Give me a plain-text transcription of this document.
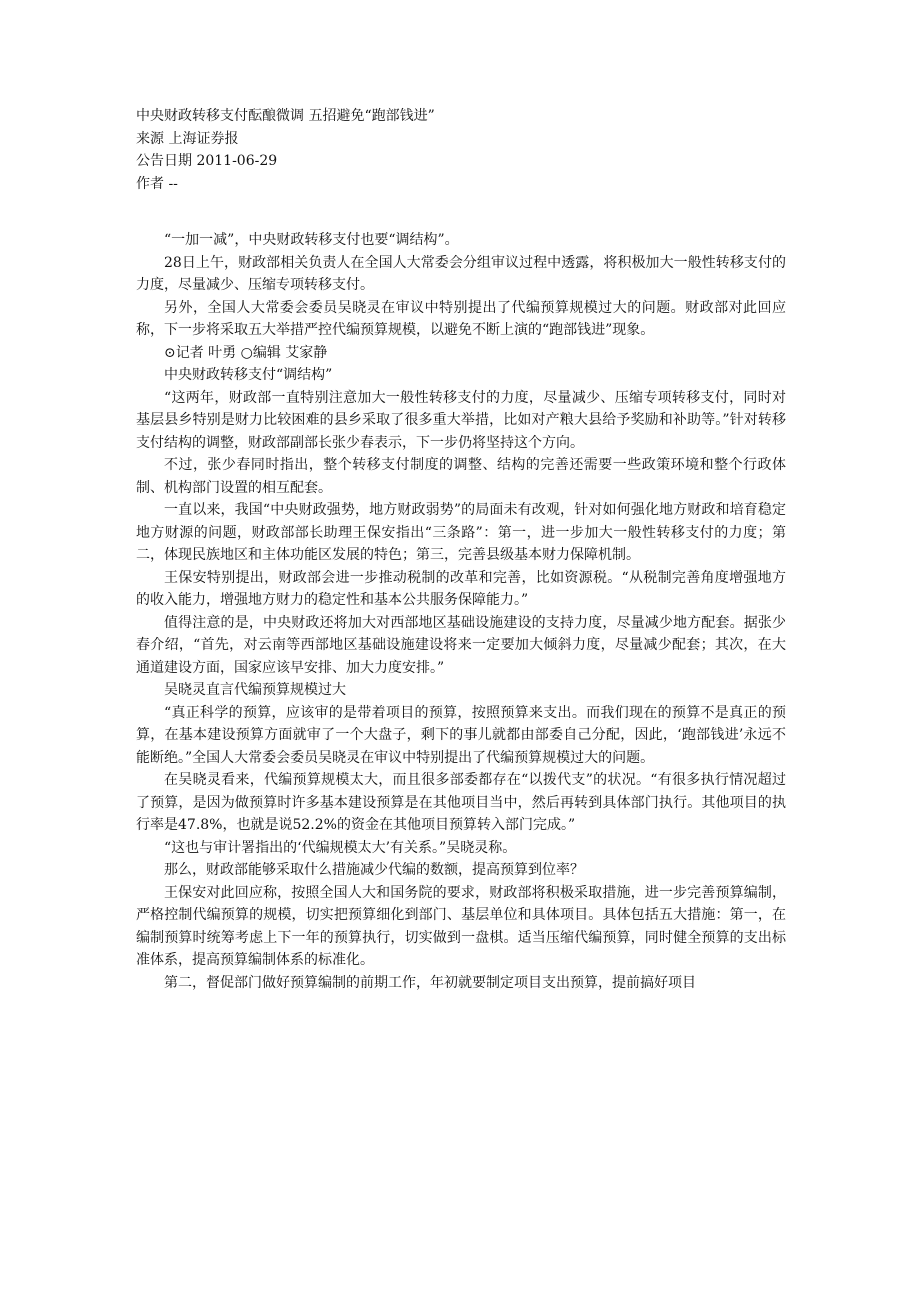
中央财政转移支付酝酿微调 五招避免“跑部钱进”

来源 上海证券报

公告日期 2011-06-29

作者 --

“一加一减”，中央财政转移支付也要“调结构”。

28日上午，财政部相关负责人在全国人大常委会分组审议过程中透露，将积极加大一般性转移支付的力度，尽量减少、压缩专项转移支付。

另外，全国人大常委会委员吴晓灵在审议中特别提出了代编预算规模过大的问题。财政部对此回应称，下一步将采取五大举措严控代编预算规模，以避免不断上演的“跑部钱进”现象。

⊙记者 叶勇 ○编辑 艾家静

中央财政转移支付“调结构”

“这两年，财政部一直特别注意加大一般性转移支付的力度，尽量减少、压缩专项转移支付，同时对基层县乡特别是财力比较困难的县乡采取了很多重大举措，比如对产粮大县给予奖励和补助等。”针对转移支付结构的调整，财政部副部长张少春表示，下一步仍将坚持这个方向。

不过，张少春同时指出，整个转移支付制度的调整、结构的完善还需要一些政策环境和整个行政体制、机构部门设置的相互配套。

一直以来，我国“中央财政强势，地方财政弱势”的局面未有改观，针对如何强化地方财政和培育稳定地方财源的问题，财政部部长助理王保安指出“三条路”：第一，进一步加大一般性转移支付的力度；第二，体现民族地区和主体功能区发展的特色；第三，完善县级基本财力保障机制。

王保安特别提出，财政部会进一步推动税制的改革和完善，比如资源税。“从税制完善角度增强地方的收入能力，增强地方财力的稳定性和基本公共服务保障能力。”

值得注意的是，中央财政还将加大对西部地区基础设施建设的支持力度，尽量减少地方配套。据张少春介绍，“首先，对云南等西部地区基础设施建设将来一定要加大倾斜力度，尽量减少配套；其次，在大通道建设方面，国家应该早安排、加大力度安排。”

吴晓灵直言代编预算规模过大

“真正科学的预算，应该审的是带着项目的预算，按照预算来支出。而我们现在的预算不是真正的预算，在基本建设预算方面就审了一个大盘子，剩下的事儿就都由部委自己分配，因此，‘跑部钱进’永远不能断绝。”全国人大常委会委员吴晓灵在审议中特别提出了代编预算规模过大的问题。

在吴晓灵看来，代编预算规模太大，而且很多部委都存在“以拨代支”的状况。“有很多执行情况超过了预算，是因为做预算时许多基本建设预算是在其他项目当中，然后再转到具体部门执行。其他项目的执行率是47.8%，也就是说52.2%的资金在其他项目预算转入部门完成。”

“这也与审计署指出的‘代编规模太大’有关系。”吴晓灵称。

那么，财政部能够采取什么措施减少代编的数额，提高预算到位率？

王保安对此回应称，按照全国人大和国务院的要求，财政部将积极采取措施，进一步完善预算编制，严格控制代编预算的规模，切实把预算细化到部门、基层单位和具体项目。具体包括五大措施：第一，在编制预算时统筹考虑上下一年的预算执行，切实做到一盘棋。适当压缩代编预算，同时健全预算的支出标准体系，提高预算编制体系的标准化。

第二，督促部门做好预算编制的前期工作，年初就要制定项目支出预算，提前搞好项目
